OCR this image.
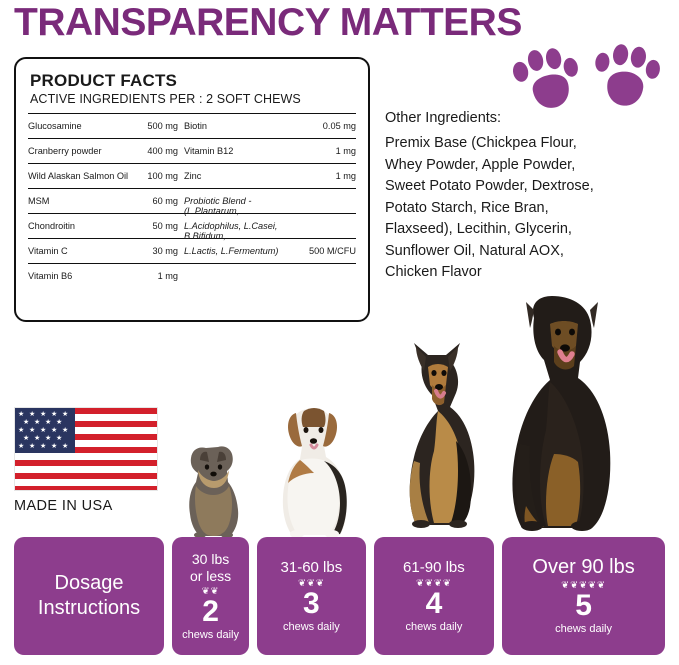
TRANSPARENCY MATTERS
PRODUCT FACTS
ACTIVE INGREDIENTS PER : 2 SOFT CHEWS
Glucosamine	500 mg Biotin	0.05 mg
Cranberry powder	400 mg Vitamin B12	1 mg
Wild Alaskan Salmon Oil	100 mg Zinc	1 mg
MSM	60 mg Probiotic Blend - (L.Plantarum,
Chondroitin	50 mg L.Acidophilus, L.Casei, B.Bifidum,
Vitamin C	30 mg L.Lactis, L.Fermentum)	500 M/CFU
Vitamin B6	1 mg
Other Ingredients:
Premix Base (Chickpea Flour, Whey Powder, Apple Powder, Sweet Potato Powder, Dextrose, Potato Starch, Rice Bran, Flaxseed), Lecithin, Glycerin, Sunflower Oil, Natural AOX, Chicken Flavor
★ ★ ★ ★ ★
★ ★ ★ ★
★ ★ ★ ★ ★
★ ★ ★ ★
★ ★ ★ ★ ★
MADE IN USA
Dosage
Instructions
30 lbs
or less
❦❦
2
chews daily
31-60 lbs
❦❦❦
3
chews daily
61-90 lbs
❦❦❦❦
4
chews daily
Over 90 lbs
❦❦❦❦❦
5
chews daily
